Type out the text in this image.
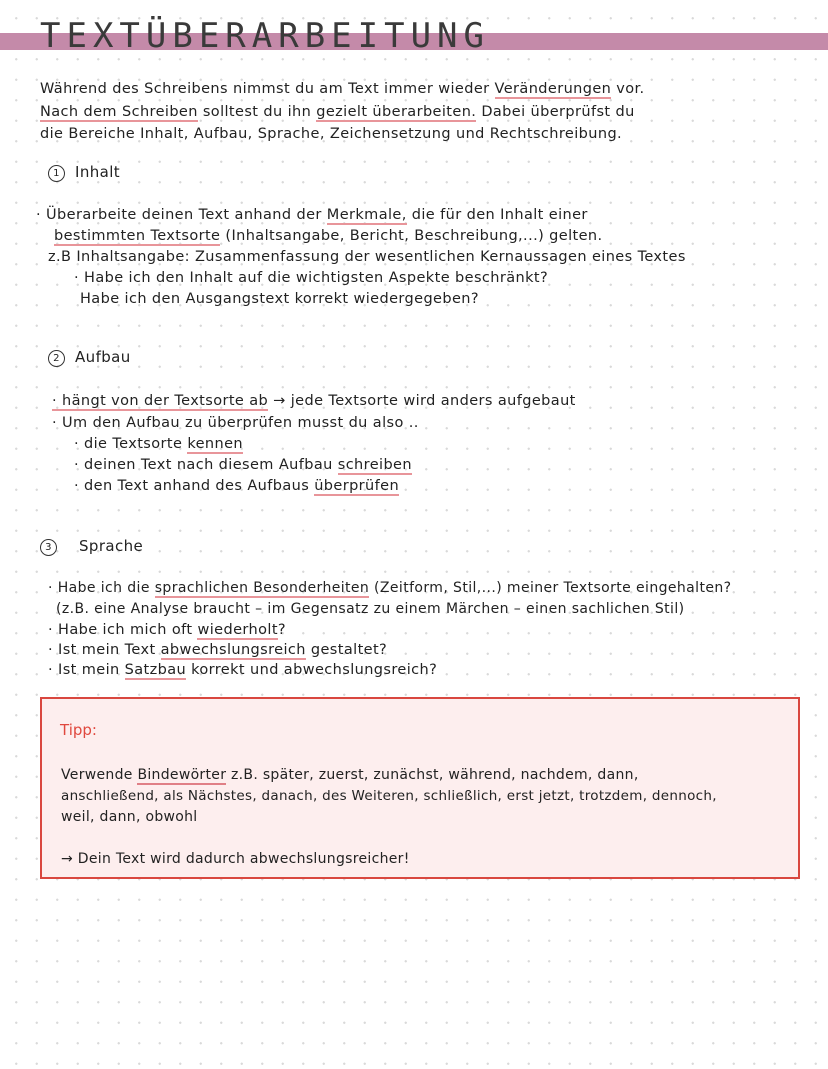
TEXTÜBERARBEITUNG
Während des Schreibens nimmst du am Text immer wieder Veränderungen vor.
Nach dem Schreiben solltest du ihn gezielt überarbeiten. Dabei überprüfst du
die Bereiche Inhalt, Aufbau, Sprache, Zeichensetzung und Rechtschreibung.
1 Inhalt
· Überarbeite deinen Text anhand der Merkmale, die für den Inhalt einer
bestimmten Textsorte (Inhaltsangabe, Bericht, Beschreibung,...) gelten.
z.B Inhaltsangabe: Zusammenfassung der wesentlichen Kernaussagen eines Textes
· Habe ich den Inhalt auf die wichtigsten Aspekte beschränkt?
Habe ich den Ausgangstext korrekt wiedergegeben?
2 Aufbau
· hängt von der Textsorte ab → jede Textsorte wird anders aufgebaut
· Um den Aufbau zu überprüfen musst du also ..
· die Textsorte kennen
· deinen Text nach diesem Aufbau schreiben
· den Text anhand des Aufbaus überprüfen
3 Sprache
· Habe ich die sprachlichen Besonderheiten (Zeitform, Stil,...) meiner Textsorte eingehalten?
(z.B. eine Analyse braucht – im Gegensatz zu einem Märchen – einen sachlichen Stil)
· Habe ich mich oft wiederholt?
· Ist mein Text abwechslungsreich gestaltet?
· Ist mein Satzbau korrekt und abwechslungsreich?
Tipp:
Verwende Bindewörter z.B. später, zuerst, zunächst, während, nachdem, dann,
anschließend, als Nächstes, danach, des Weiteren, schließlich, erst jetzt, trotzdem, dennoch,
weil, dann, obwohl
→ Dein Text wird dadurch abwechslungsreicher!
